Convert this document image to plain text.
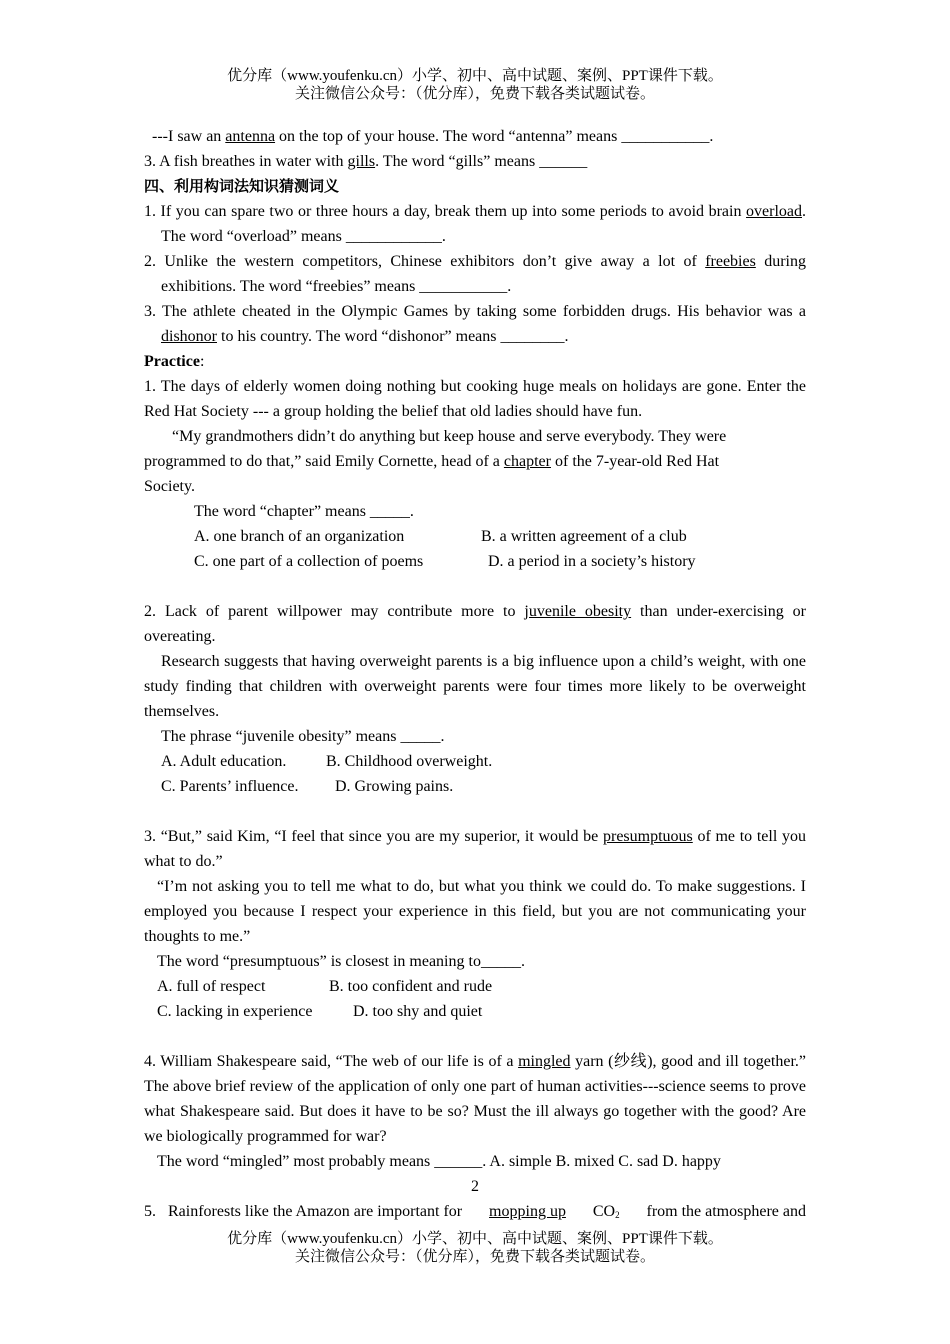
优分库（www.youfenku.cn）小学、初中、高中试题、案例、PPT课件下载。
关注微信公众号：（优分库），免费下载各类试题试卷。

---I saw an antenna on the top of your house. The word “antenna” means ___________.

3. A fish breathes in water with gills. The word “gills” means ______

四、利用构词法知识猜测词义

1. If you can spare two or three hours a day, break them up into some periods to avoid brain overload. The word “overload” means ____________.

2. Unlike the western competitors, Chinese exhibitors don’t give away a lot of freebies during exhibitions. The word “freebies” means ___________.

3. The athlete cheated in the Olympic Games by taking some forbidden drugs. His behavior was a dishonor to his country. The word “dishonor” means ________.

Practice:

1. The days of elderly women doing nothing but cooking huge meals on holidays are gone. Enter the Red Hat Society --- a group holding the belief that old ladies should have fun.

“My grandmothers didn’t do anything but keep house and serve everybody. They were programmed to do that,” said Emily Cornette, head of a chapter of the 7-year-old Red Hat Society.

The word “chapter” means _____.

A. one branch of an organization	B. a written agreement of a club
C. one part of a collection of poems	D. a period in a society’s history

2. Lack of parent willpower may contribute more to juvenile obesity than under-exercising or overeating.

Research suggests that having overweight parents is a big influence upon a child’s weight, with one study finding that children with overweight parents were four times more likely to be overweight themselves.

The phrase “juvenile obesity” means _____.

A. Adult education.	B. Childhood overweight.
C. Parents’ influence.	D. Growing pains.

3. “But,” said Kim, “I feel that since you are my superior, it would be presumptuous of me to tell you what to do.”

“I’m not asking you to tell me what to do, but what you think we could do. To make suggestions. I employed you because I respect your experience in this field, but you are not communicating your thoughts to me.”

The word “presumptuous” is closest in meaning to_____.

A. full of respect	B. too confident and rude
C. lacking in experience	D. too shy and quiet

4. William Shakespeare said, “The web of our life is of a mingled yarn (纱线), good and ill together.” The above brief review of the application of only one part of human activities---science seems to prove what Shakespeare said. But does it have to be so? Must the ill always go together with the good? Are we biologically programmed for war?

The word “mingled” most probably means ______. A. simple B. mixed C. sad D. happy

2

5.   Rainforests like the Amazon are important for mopping up $CO_2$ from the atmosphere and
优分库（www.youfenku.cn）小学、初中、高中试题、案例、PPT课件下载。
关注微信公众号：（优分库），免费下载各类试题试卷。
